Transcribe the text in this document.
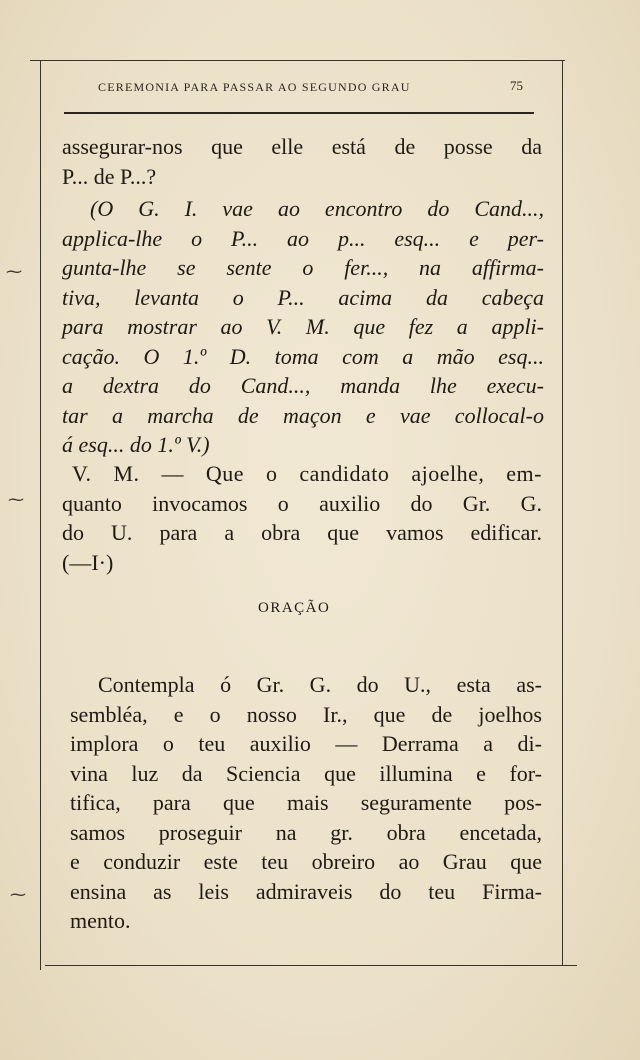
CEREMONIA PARA PASSAR AO SEGUNDO GRAU	75
⁓
⁓
⁓
assegurar-nos que elle está de posse da
P... de P...?
(O G. I. vae ao encontro do Cand...,
applica-lhe o P... ao p... esq... e per-
gunta-lhe se sente o fer..., na affirma-
tiva, levanta o P... acima da cabeça
para mostrar ao V. M. que fez a appli-
cação. O 1.º D. toma com a mão esq...
a dextra do Cand..., manda lhe execu-
tar a marcha de maçon e vae collocal-o
á esq... do 1.º V.)
V. M. — Que o candidato ajoelhe, em-
quanto invocamos o auxilio do Gr. G.
do U. para a obra que vamos edificar.
(—I·)
ORAÇÃO
Contempla ó Gr. G. do U., esta as-
sembléa, e o nosso Ir., que de joelhos
implora o teu auxilio — Derrama a di-
vina luz da Sciencia que illumina e for-
tifica, para que mais seguramente pos-
samos proseguir na gr. obra encetada,
e conduzir este teu obreiro ao Grau que
ensina as leis admiraveis do teu Firma-
mento.
